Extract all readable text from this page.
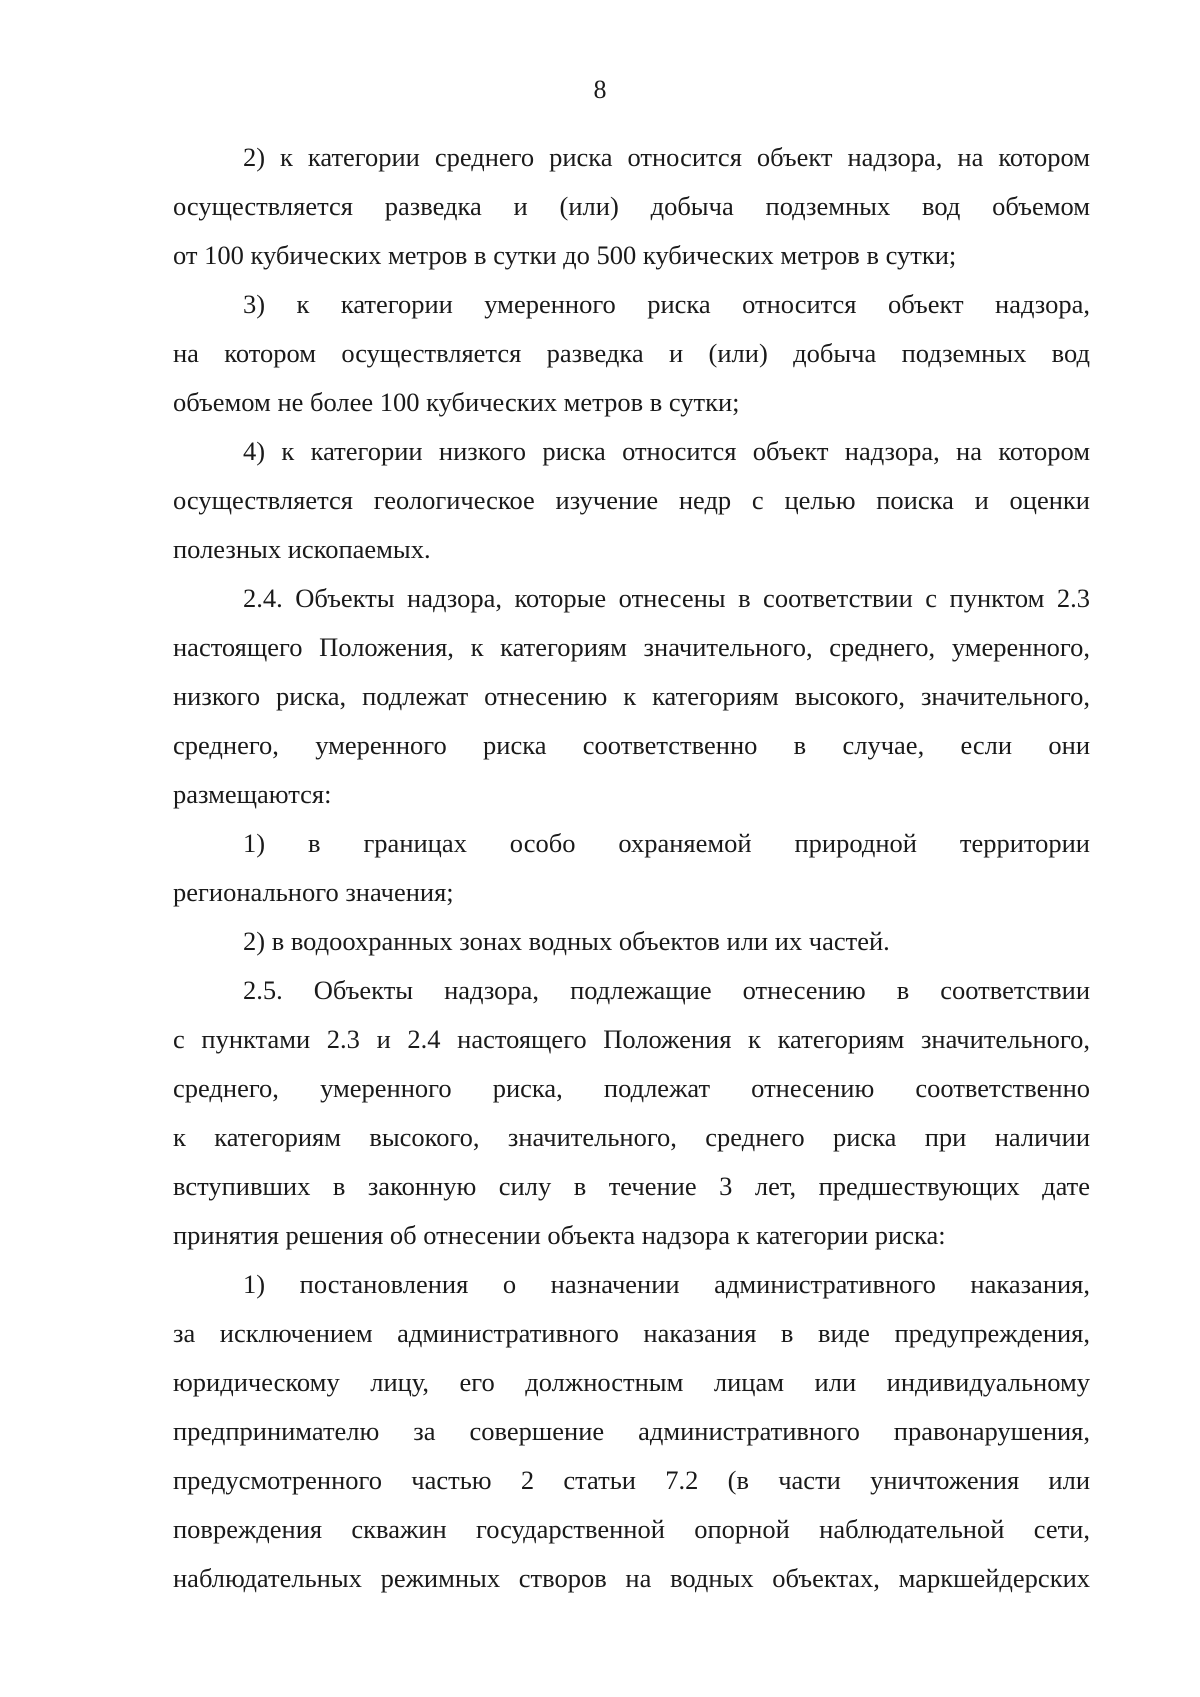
8
2) к категории среднего риска относится объект надзора, на котором
осуществляется разведка и (или) добыча подземных вод объемом
от 100 кубических метров в сутки до 500 кубических метров в сутки;
3) к категории умеренного риска относится объект надзора,
на котором осуществляется разведка и (или) добыча подземных вод
объемом не более 100 кубических метров в сутки;
4) к категории низкого риска относится объект надзора, на котором
осуществляется геологическое изучение недр с целью поиска и оценки
полезных ископаемых.
2.4. Объекты надзора, которые отнесены в соответствии с пунктом 2.3
настоящего Положения, к категориям значительного, среднего, умеренного,
низкого риска, подлежат отнесению к категориям высокого, значительного,
среднего, умеренного риска соответственно в случае, если они
размещаются:
1) в границах особо охраняемой природной территории
регионального значения;
2) в водоохранных зонах водных объектов или их частей.
2.5. Объекты надзора, подлежащие отнесению в соответствии
с пунктами 2.3 и 2.4 настоящего Положения к категориям значительного,
среднего, умеренного риска, подлежат отнесению соответственно
к категориям высокого, значительного, среднего риска при наличии
вступивших в законную силу в течение 3 лет, предшествующих дате
принятия решения об отнесении объекта надзора к категории риска:
1) постановления о назначении административного наказания,
за исключением административного наказания в виде предупреждения,
юридическому лицу, его должностным лицам или индивидуальному
предпринимателю за совершение административного правонарушения,
предусмотренного частью 2 статьи 7.2 (в части уничтожения или
повреждения скважин государственной опорной наблюдательной сети,
наблюдательных режимных створов на водных объектах, маркшейдерских
